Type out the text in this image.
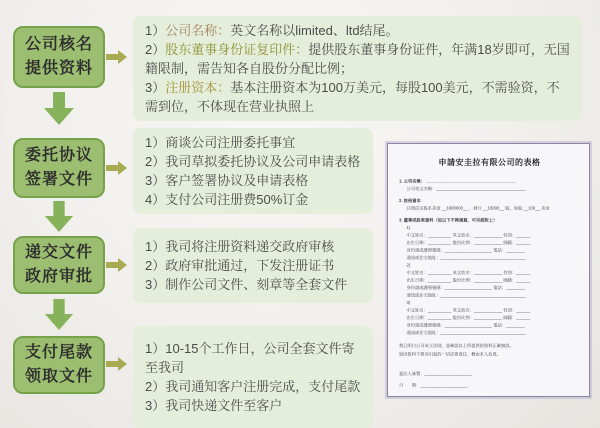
公司核名
提供资料
委托协议
签署文件
递交文件
政府审批
支付尾款
领取文件
1）公司名称：英文名称以limited、ltd结尾。
2）股东董事身份证复印件：提供股东董事身份证件，年满18岁即可，无国籍限制，需告知各自股份分配比例；
3）注册资本：基本注册资本为100万美元，每股100美元，不需验资，不需到位，不体现在营业执照上
1）商谈公司注册委托事宜
2）我司草拟委托协议及公司申请表格
3）客户签署协议及申请表格
4）支付公司注册费50%订金
1）我司将注册资料递交政府审核
2）政府审批通过，下发注册证书
3）制作公司文件、刻章等全套文件
1）10-15个工作日，公司全套文件寄至我司
2）我司通知客户注册完成，支付尾款
3）我司快递文件至客户
申請安圭拉有限公司的表格
1. 公司名稱： ______________________________________
公司英文名稱：______________________________________
2. 註冊資本
註冊法定股本美金 __1000000__ ，發行 __10000__ 股，每股 __100__ 美金
3. 董事或股東資料（如以下不夠填寫，可另紙附上）
1)
中文姓名：__________ 英文姓名：____________ 性別：______
出生日期：__________ 股份比例：____________ 國籍：______
身份證或護照號碼：____________________ 電話：________
通訊或住宅地址：____________________________________
2)
中文姓名：__________ 英文姓名：____________ 性別：______
出生日期：__________ 股份比例：____________ 國籍：______
身份證或護照號碼：____________________ 電話：________
通訊或住宅地址：____________________________________
3)
中文姓名：__________ 英文姓名：____________ 性別：______
出生日期：__________ 股份比例：____________ 國籍：______
身份證或護照號碼：____________________ 電話：________
通訊或住宅地址：____________________________________
我已明白公司成立法則，並確認以上所提供的資料正確無誤。
如因資料不實而引起的一切法律責任，概由本人負責。
委託人簽署：____________________
日　　期：____________________
